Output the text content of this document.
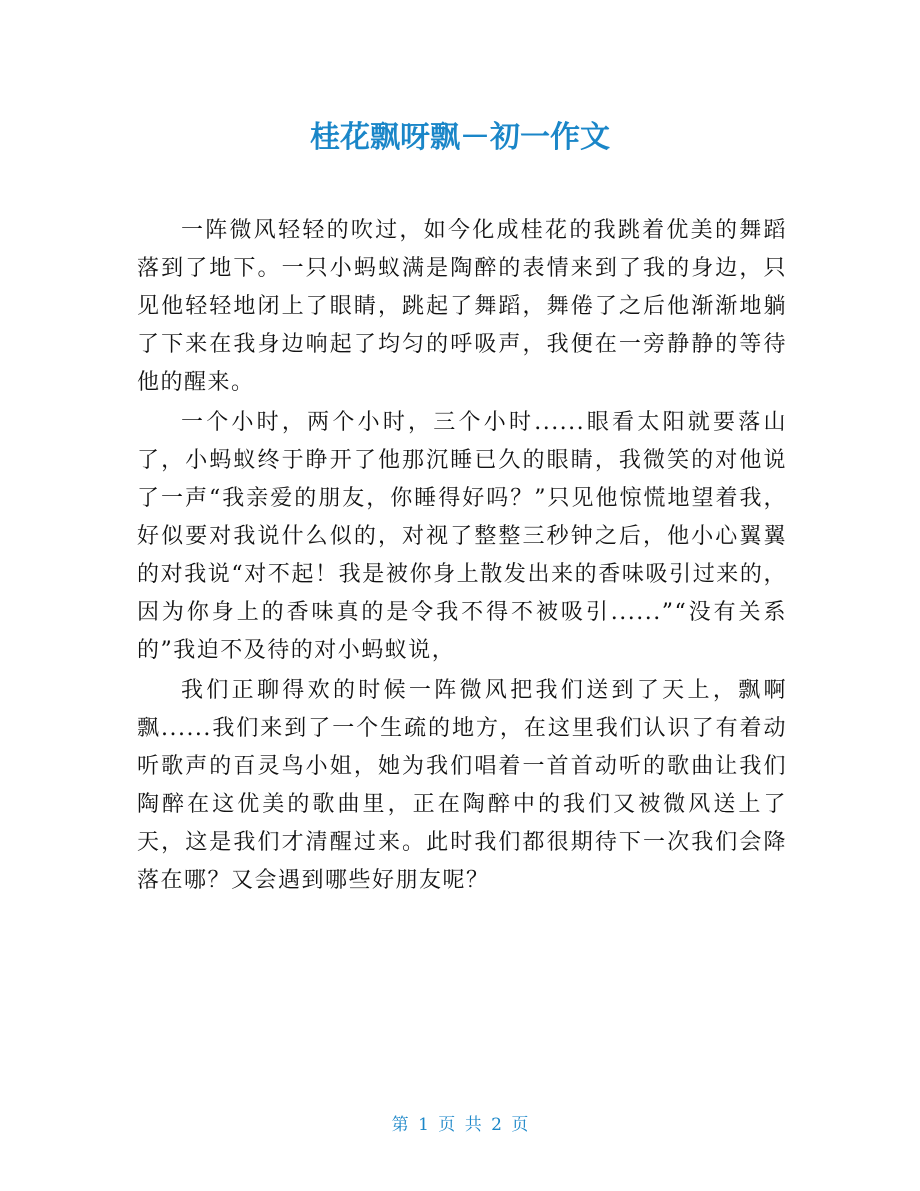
桂花飘呀飘－初一作文

一阵微风轻轻的吹过，如今化成桂花的我跳着优美的舞蹈落到了地下。一只小蚂蚁满是陶醉的表情来到了我的身边，只见他轻轻地闭上了眼睛，跳起了舞蹈，舞倦了之后他渐渐地躺了下来在我身边响起了均匀的呼吸声，我便在一旁静静的等待他的醒来。

一个小时，两个小时，三个小时......眼看太阳就要落山了，小蚂蚁终于睁开了他那沉睡已久的眼睛，我微笑的对他说了一声“我亲爱的朋友，你睡得好吗？”只见他惊慌地望着我，好似要对我说什么似的，对视了整整三秒钟之后，他小心翼翼的对我说“对不起！我是被你身上散发出来的香味吸引过来的，因为你身上的香味真的是令我不得不被吸引......”“没有关系的”我迫不及待的对小蚂蚁说，

我们正聊得欢的时候一阵微风把我们送到了天上，飘啊飘......我们来到了一个生疏的地方，在这里我们认识了有着动听歌声的百灵鸟小姐，她为我们唱着一首首动听的歌曲让我们陶醉在这优美的歌曲里，正在陶醉中的我们又被微风送上了天，这是我们才清醒过来。此时我们都很期待下一次我们会降落在哪？又会遇到哪些好朋友呢？

第 1 页 共 2 页
